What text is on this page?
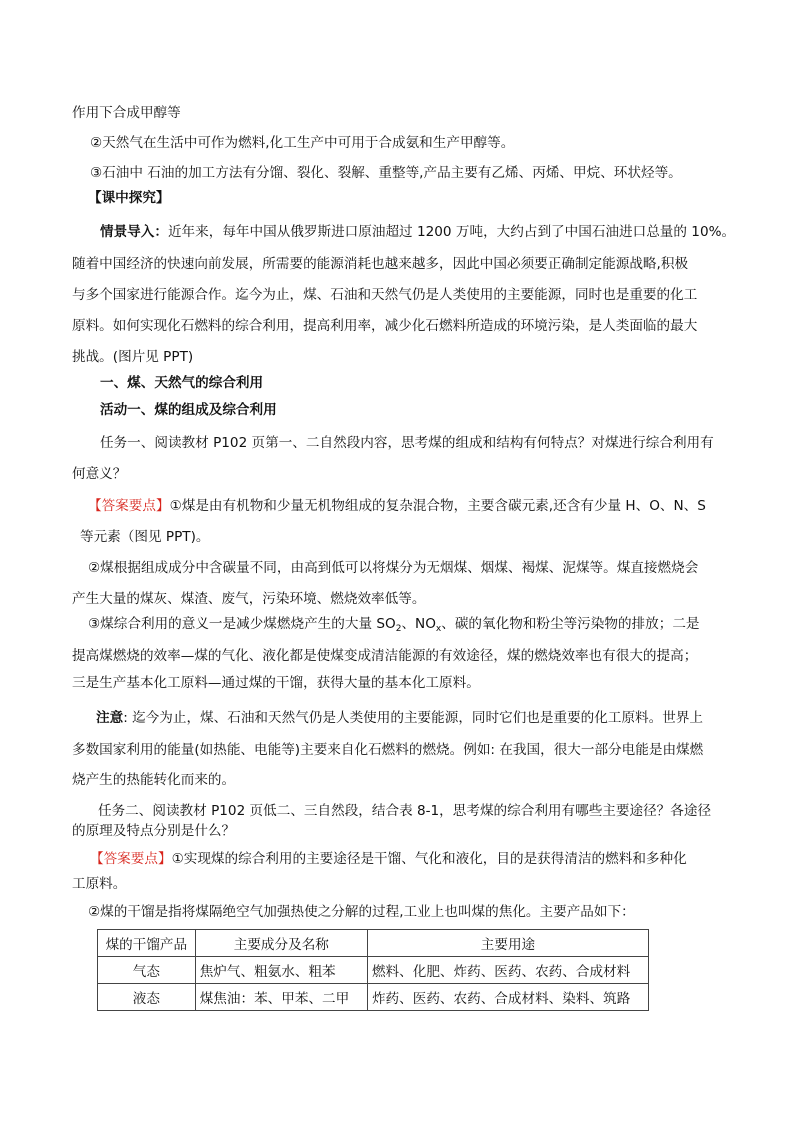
作用下合成甲醇等
②天然气在生活中可作为燃料,化工生产中可用于合成氨和生产甲醇等。
③石油中 石油的加工方法有分馏、裂化、裂解、重整等,产品主要有乙烯、丙烯、甲烷、环状烃等。
【课中探究】
情景导入：近年来，每年中国从俄罗斯进口原油超过 1200 万吨，大约占到了中国石油进口总量的 10%。
随着中国经济的快速向前发展，所需要的能源消耗也越来越多，因此中国必须要正确制定能源战略,积极
与多个国家进行能源合作。迄今为止，煤、石油和天然气仍是人类使用的主要能源，同时也是重要的化工
原料。如何实现化石燃料的综合利用，提高利用率，减少化石燃料所造成的环境污染，是人类面临的最大
挑战。(图片见 PPT)
一、煤、天然气的综合利用
活动一、煤的组成及综合利用
任务一、阅读教材 P102 页第一、二自然段内容，思考煤的组成和结构有何特点？对煤进行综合利用有
何意义？
【答案要点】①煤是由有机物和少量无机物组成的复杂混合物，主要含碳元素,还含有少量 H、O、N、S
等元素（图见 PPT)。
②煤根据组成成分中含碳量不同，由高到低可以将煤分为无烟煤、烟煤、褐煤、泥煤等。煤直接燃烧会
产生大量的煤灰、煤渣、废气，污染环境、燃烧效率低等。
③煤综合利用的意义一是减少煤燃烧产生的大量 $SO_2$、$NO_x$、碳的氧化物和粉尘等污染物的排放；二是
提高煤燃烧的效率—煤的气化、液化都是使煤变成清洁能源的有效途径，煤的燃烧效率也有很大的提高；
三是生产基本化工原料—通过煤的干馏，获得大量的基本化工原料。
注意: 迄今为止，煤、石油和天然气仍是人类使用的主要能源，同时它们也是重要的化工原料。世界上
多数国家利用的能量(如热能、电能等)主要来自化石燃料的燃烧。例如: 在我国，很大一部分电能是由煤燃
烧产生的热能转化而来的。
任务二、阅读教材 P102 页低二、三自然段，结合表 8-1，思考煤的综合利用有哪些主要途径？各途径
的原理及特点分别是什么？
【答案要点】①实现煤的综合利用的主要途径是干馏、气化和液化，目的是获得清洁的燃料和多种化
工原料。
②煤的干馏是指将煤隔绝空气加强热使之分解的过程,工业上也叫煤的焦化。主要产品如下：
煤的干馏产品	主要成分及名称	主要用途
气态	焦炉气、粗氨水、粗苯	燃料、化肥、炸药、医药、农药、合成材料
液态	煤焦油：苯、甲苯、二甲	炸药、医药、农药、合成材料、染料、筑路
